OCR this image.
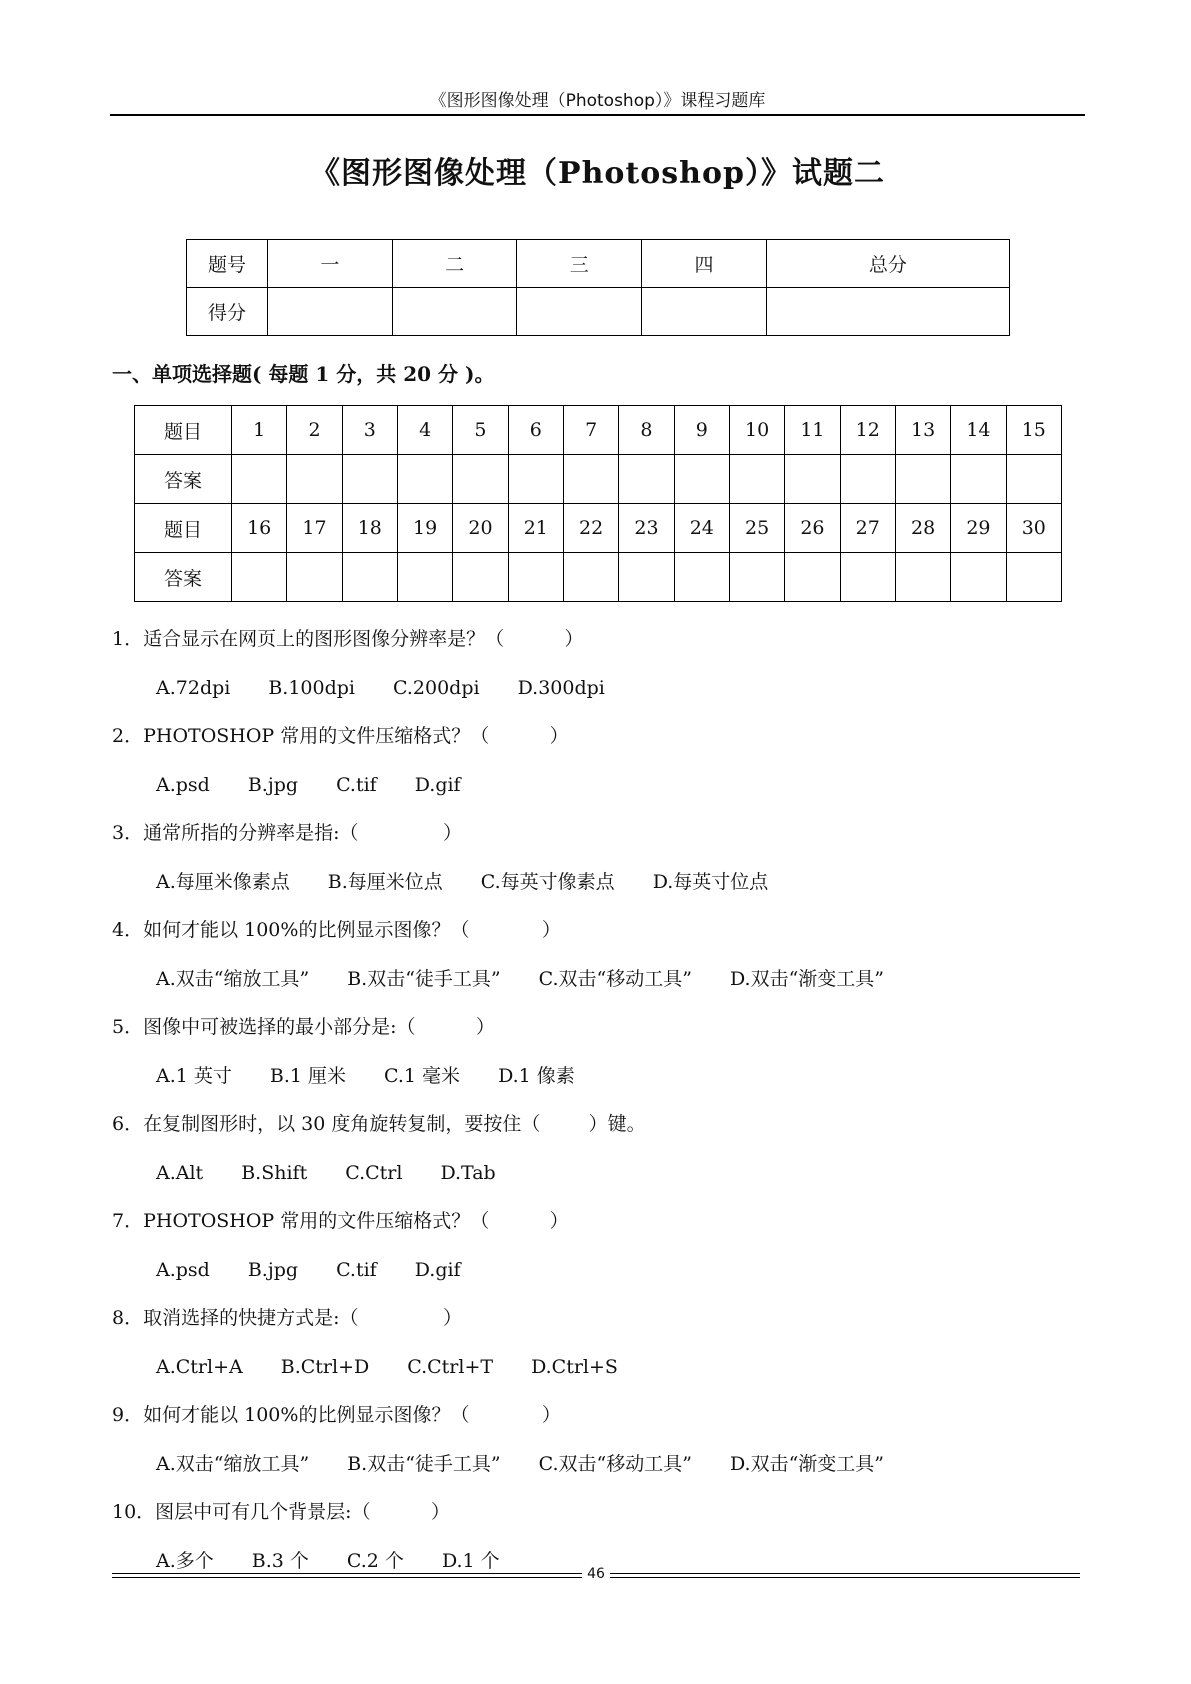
《图形图像处理（Photoshop）》课程习题库
《图形图像处理（Photoshop）》试题二
题号	一	二	三	四	总分
得分					
一、单项选择题( 每题 1 分，共 20 分 )。
题目	1	2	3	4	5	6	7	8	9	10	11	12	13	14	15
答案															
题目	16	17	18	19	20	21	22	23	24	25	26	27	28	29	30
答案															
1．适合显示在网页上的图形图像分辨率是？（          ）
A.72dpi B.100dpi C.200dpi D.300dpi
2．PHOTOSHOP 常用的文件压缩格式？（          ）
A.psd B.jpg C.tif D.gif
3．通常所指的分辨率是指:（              ）
A.每厘米像素点 B.每厘米位点 C.每英寸像素点 D.每英寸位点
4．如何才能以 100%的比例显示图像？（            ）
A.双击“缩放工具” B.双击“徒手工具” C.双击“移动工具” D.双击“渐变工具”
5．图像中可被选择的最小部分是:（          ）
A.1 英寸 B.1 厘米 C.1 毫米 D.1 像素
6．在复制图形时，以 30 度角旋转复制，要按住（        ）键。
A.Alt B.Shift C.Ctrl D.Tab
7．PHOTOSHOP 常用的文件压缩格式？（          ）
A.psd B.jpg C.tif D.gif
8．取消选择的快捷方式是:（              ）
A.Ctrl+A B.Ctrl+D C.Ctrl+T D.Ctrl+S
9．如何才能以 100%的比例显示图像？（            ）
A.双击“缩放工具” B.双击“徒手工具” C.双击“移动工具” D.双击“渐变工具”
10．图层中可有几个背景层:（          ）
A.多个 B.3 个 C.2 个 D.1 个
46
